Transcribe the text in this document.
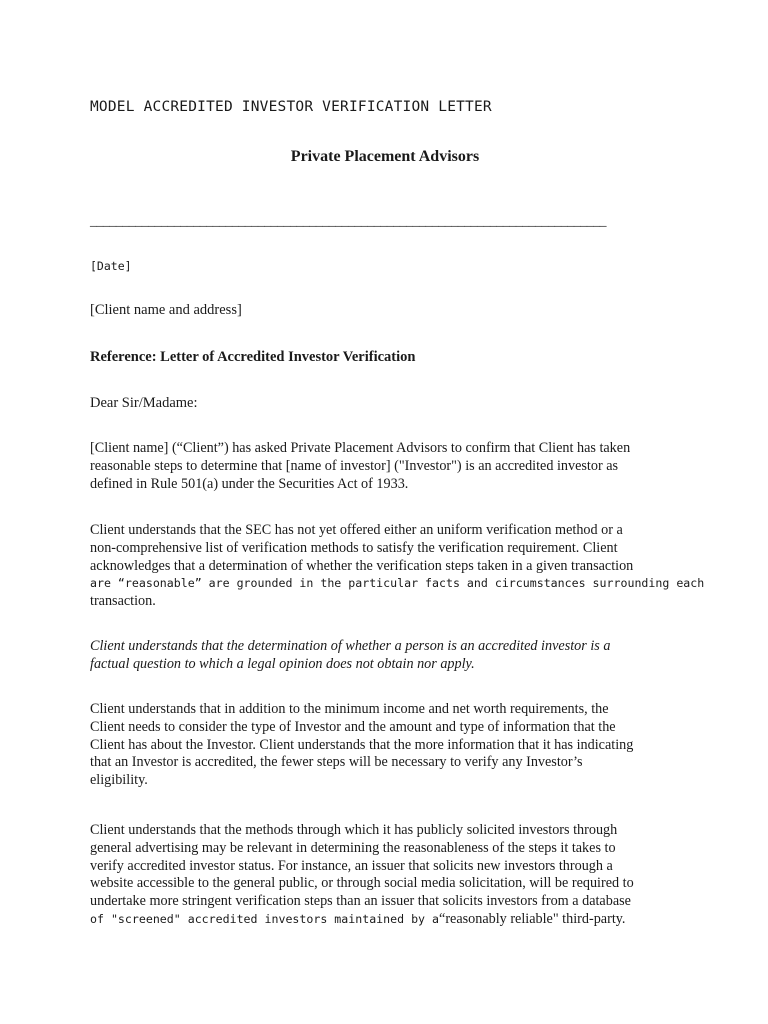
MODEL ACCREDITED INVESTOR VERIFICATION LETTER
Private Placement Advisors
________________________________________________________________________________
[Date]
[Client name and address]
Reference: Letter of Accredited Investor Verification
Dear Sir/Madame:
[Client name] (“Client”) has asked Private Placement Advisors to confirm that Client has taken
reasonable steps to determine that [name of investor] ("Investor") is an accredited investor as
defined in Rule 501(a) under the Securities Act of 1933.
Client understands that the SEC has not yet offered either an uniform verification method or a
non-comprehensive list of verification methods to satisfy the verification requirement. Client
acknowledges that a determination of whether the verification steps taken in a given transaction
are “reasonable” are grounded in the particular facts and circumstances surrounding each
transaction.
Client understands that the determination of whether a person is an accredited investor is a
factual question to which a legal opinion does not obtain nor apply.
Client understands that in addition to the minimum income and net worth requirements, the
Client needs to consider the type of Investor and the amount and type of information that the
Client has about the Investor. Client understands that the more information that it has indicating
that an Investor is accredited, the fewer steps will be necessary to verify any Investor’s
eligibility.
Client understands that the methods through which it has publicly solicited investors through
general advertising may be relevant in determining the reasonableness of the steps it takes to
verify accredited investor status. For instance, an issuer that solicits new investors through a
website accessible to the general public, or through social media solicitation, will be required to
undertake more stringent verification steps than an issuer that solicits investors from a database
of "screened" accredited investors maintained by a“reasonably reliable" third-party.
